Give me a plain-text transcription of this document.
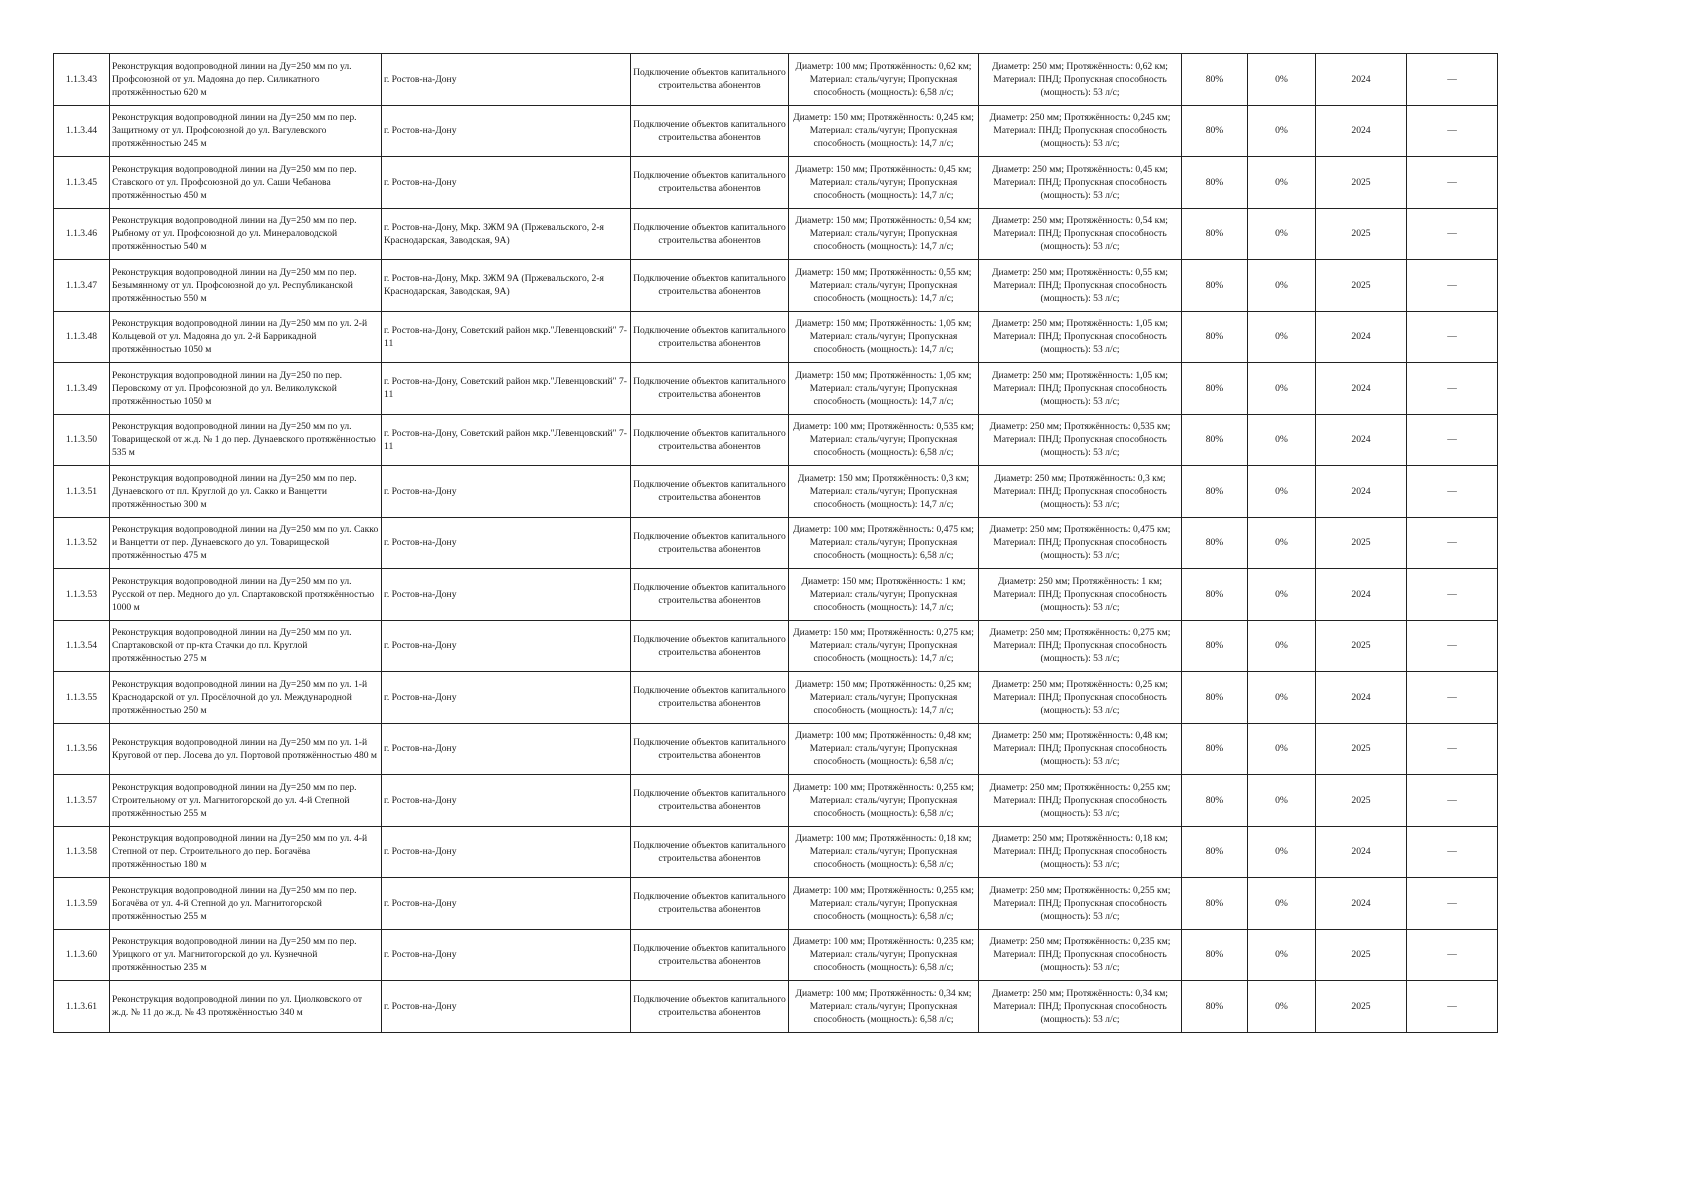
1.1.3.43	Реконструкция водопроводной линии на Ду=250 мм по ул. Профсоюзной от ул. Мадояна до пер. Силикатного протяжённостью 620 м	г. Ростов-на-Дону	Подключение объектов капитального строительства абонентов	Диаметр: 100 мм; Протяжённость: 0,62 км; Материал: сталь/чугун; Пропускная способность (мощность): 6,58 л/с;	Диаметр: 250 мм; Протяжённость: 0,62 км; Материал: ПНД; Пропускная способность (мощность): 53 л/с;	80%	0%	2024	—
1.1.3.44	Реконструкция водопроводной линии на Ду=250 мм по пер. Защитному от ул. Профсоюзной до ул. Вагулевского протяжённостью 245 м	г. Ростов-на-Дону	Подключение объектов капитального строительства абонентов	Диаметр: 150 мм; Протяжённость: 0,245 км; Материал: сталь/чугун; Пропускная способность (мощность): 14,7 л/с;	Диаметр: 250 мм; Протяжённость: 0,245 км; Материал: ПНД; Пропускная способность (мощность): 53 л/с;	80%	0%	2024	—
1.1.3.45	Реконструкция водопроводной линии на Ду=250 мм по пер. Ставского от ул. Профсоюзной до ул. Саши Чебанова протяжённостью 450 м	г. Ростов-на-Дону	Подключение объектов капитального строительства абонентов	Диаметр: 150 мм; Протяжённость: 0,45 км; Материал: сталь/чугун; Пропускная способность (мощность): 14,7 л/с;	Диаметр: 250 мм; Протяжённость: 0,45 км; Материал: ПНД; Пропускная способность (мощность): 53 л/с;	80%	0%	2025	—
1.1.3.46	Реконструкция водопроводной линии на Ду=250 мм по пер. Рыбному от ул. Профсоюзной до ул. Минераловодской протяжённостью 540 м	г. Ростов-на-Дону, Мкр. ЗЖМ 9А (Пржевальского, 2-я Краснодарская, Заводская, 9А)	Подключение объектов капитального строительства абонентов	Диаметр: 150 мм; Протяжённость: 0,54 км; Материал: сталь/чугун; Пропускная способность (мощность): 14,7 л/с;	Диаметр: 250 мм; Протяжённость: 0,54 км; Материал: ПНД; Пропускная способность (мощность): 53 л/с;	80%	0%	2025	—
1.1.3.47	Реконструкция водопроводной линии на Ду=250 мм по пер. Безымянному от ул. Профсоюзной до ул. Республиканской протяжённостью 550 м	г. Ростов-на-Дону, Мкр. ЗЖМ 9А (Пржевальского, 2-я Краснодарская, Заводская, 9А)	Подключение объектов капитального строительства абонентов	Диаметр: 150 мм; Протяжённость: 0,55 км; Материал: сталь/чугун; Пропускная способность (мощность): 14,7 л/с;	Диаметр: 250 мм; Протяжённость: 0,55 км; Материал: ПНД; Пропускная способность (мощность): 53 л/с;	80%	0%	2025	—
1.1.3.48	Реконструкция водопроводной линии на Ду=250 мм по ул. 2-й Кольцевой от ул. Мадояна до ул. 2-й Баррикадной протяжённостью 1050 м	г. Ростов-на-Дону, Советский район мкр."Левенцовский" 7-11	Подключение объектов капитального строительства абонентов	Диаметр: 150 мм; Протяжённость: 1,05 км; Материал: сталь/чугун; Пропускная способность (мощность): 14,7 л/с;	Диаметр: 250 мм; Протяжённость: 1,05 км; Материал: ПНД; Пропускная способность (мощность): 53 л/с;	80%	0%	2024	—
1.1.3.49	Реконструкция водопроводной линии на Ду=250 по пер. Перовскому от ул. Профсоюзной до ул. Великолукской протяжённостью 1050 м	г. Ростов-на-Дону, Советский район мкр."Левенцовский" 7-11	Подключение объектов капитального строительства абонентов	Диаметр: 150 мм; Протяжённость: 1,05 км; Материал: сталь/чугун; Пропускная способность (мощность): 14,7 л/с;	Диаметр: 250 мм; Протяжённость: 1,05 км; Материал: ПНД; Пропускная способность (мощность): 53 л/с;	80%	0%	2024	—
1.1.3.50	Реконструкция водопроводной линии на Ду=250 мм по ул. Товарищеской от ж.д. № 1 до пер. Дунаевского протяжённостью 535 м	г. Ростов-на-Дону, Советский район мкр."Левенцовский" 7-11	Подключение объектов капитального строительства абонентов	Диаметр: 100 мм; Протяжённость: 0,535 км; Материал: сталь/чугун; Пропускная способность (мощность): 6,58 л/с;	Диаметр: 250 мм; Протяжённость: 0,535 км; Материал: ПНД; Пропускная способность (мощность): 53 л/с;	80%	0%	2024	—
1.1.3.51	Реконструкция водопроводной линии на Ду=250 мм по пер. Дунаевского от пл. Круглой до ул. Сакко и Ванцетти протяжённостью 300 м	г. Ростов-на-Дону	Подключение объектов капитального строительства абонентов	Диаметр: 150 мм; Протяжённость: 0,3 км; Материал: сталь/чугун; Пропускная способность (мощность): 14,7 л/с;	Диаметр: 250 мм; Протяжённость: 0,3 км; Материал: ПНД; Пропускная способность (мощность): 53 л/с;	80%	0%	2024	—
1.1.3.52	Реконструкция водопроводной линии на Ду=250 мм по ул. Сакко и Ванцетти от пер. Дунаевского до ул. Товарищеской протяжённостью 475 м	г. Ростов-на-Дону	Подключение объектов капитального строительства абонентов	Диаметр: 100 мм; Протяжённость: 0,475 км; Материал: сталь/чугун; Пропускная способность (мощность): 6,58 л/с;	Диаметр: 250 мм; Протяжённость: 0,475 км; Материал: ПНД; Пропускная способность (мощность): 53 л/с;	80%	0%	2025	—
1.1.3.53	Реконструкция водопроводной линии на Ду=250 мм по ул. Русской от пер. Медного до ул. Спартаковской протяжённостью 1000 м	г. Ростов-на-Дону	Подключение объектов капитального строительства абонентов	Диаметр: 150 мм; Протяжённость: 1 км; Материал: сталь/чугун; Пропускная способность (мощность): 14,7 л/с;	Диаметр: 250 мм; Протяжённость: 1 км; Материал: ПНД; Пропускная способность (мощность): 53 л/с;	80%	0%	2024	—
1.1.3.54	Реконструкция водопроводной линии на Ду=250 мм по ул. Спартаковской от пр-кта Стачки до пл. Круглой протяжённостью 275 м	г. Ростов-на-Дону	Подключение объектов капитального строительства абонентов	Диаметр: 150 мм; Протяжённость: 0,275 км; Материал: сталь/чугун; Пропускная способность (мощность): 14,7 л/с;	Диаметр: 250 мм; Протяжённость: 0,275 км; Материал: ПНД; Пропускная способность (мощность): 53 л/с;	80%	0%	2025	—
1.1.3.55	Реконструкция водопроводной линии на Ду=250 мм по ул. 1-й Краснодарской от ул. Просёлочной до ул. Международной протяжённостью 250 м	г. Ростов-на-Дону	Подключение объектов капитального строительства абонентов	Диаметр: 150 мм; Протяжённость: 0,25 км; Материал: сталь/чугун; Пропускная способность (мощность): 14,7 л/с;	Диаметр: 250 мм; Протяжённость: 0,25 км; Материал: ПНД; Пропускная способность (мощность): 53 л/с;	80%	0%	2024	—
1.1.3.56	Реконструкция водопроводной линии на Ду=250 мм по ул. 1-й Круговой от пер. Лосева до ул. Портовой протяжённостью 480 м	г. Ростов-на-Дону	Подключение объектов капитального строительства абонентов	Диаметр: 100 мм; Протяжённость: 0,48 км; Материал: сталь/чугун; Пропускная способность (мощность): 6,58 л/с;	Диаметр: 250 мм; Протяжённость: 0,48 км; Материал: ПНД; Пропускная способность (мощность): 53 л/с;	80%	0%	2025	—
1.1.3.57	Реконструкция водопроводной линии на Ду=250 мм по пер. Строительному от ул. Магнитогорской до ул. 4-й Степной протяжённостью 255 м	г. Ростов-на-Дону	Подключение объектов капитального строительства абонентов	Диаметр: 100 мм; Протяжённость: 0,255 км; Материал: сталь/чугун; Пропускная способность (мощность): 6,58 л/с;	Диаметр: 250 мм; Протяжённость: 0,255 км; Материал: ПНД; Пропускная способность (мощность): 53 л/с;	80%	0%	2025	—
1.1.3.58	Реконструкция водопроводной линии на Ду=250 мм по ул. 4-й Степной от пер. Строительного до пер. Богачёва протяжённостью 180 м	г. Ростов-на-Дону	Подключение объектов капитального строительства абонентов	Диаметр: 100 мм; Протяжённость: 0,18 км; Материал: сталь/чугун; Пропускная способность (мощность): 6,58 л/с;	Диаметр: 250 мм; Протяжённость: 0,18 км; Материал: ПНД; Пропускная способность (мощность): 53 л/с;	80%	0%	2024	—
1.1.3.59	Реконструкция водопроводной линии на Ду=250 мм по пер. Богачёва от ул. 4-й Степной до ул. Магнитогорской протяжённостью 255 м	г. Ростов-на-Дону	Подключение объектов капитального строительства абонентов	Диаметр: 100 мм; Протяжённость: 0,255 км; Материал: сталь/чугун; Пропускная способность (мощность): 6,58 л/с;	Диаметр: 250 мм; Протяжённость: 0,255 км; Материал: ПНД; Пропускная способность (мощность): 53 л/с;	80%	0%	2024	—
1.1.3.60	Реконструкция водопроводной линии на Ду=250 мм по пер. Урицкого от ул. Магнитогорской до ул. Кузнечной протяжённостью 235 м	г. Ростов-на-Дону	Подключение объектов капитального строительства абонентов	Диаметр: 100 мм; Протяжённость: 0,235 км; Материал: сталь/чугун; Пропускная способность (мощность): 6,58 л/с;	Диаметр: 250 мм; Протяжённость: 0,235 км; Материал: ПНД; Пропускная способность (мощность): 53 л/с;	80%	0%	2025	—
1.1.3.61	Реконструкция водопроводной линии по ул. Циолковского от ж.д. № 11 до ж.д. № 43 протяжённостью 340 м	г. Ростов-на-Дону	Подключение объектов капитального строительства абонентов	Диаметр: 100 мм; Протяжённость: 0,34 км; Материал: сталь/чугун; Пропускная способность (мощность): 6,58 л/с;	Диаметр: 250 мм; Протяжённость: 0,34 км; Материал: ПНД; Пропускная способность (мощность): 53 л/с;	80%	0%	2025	—
